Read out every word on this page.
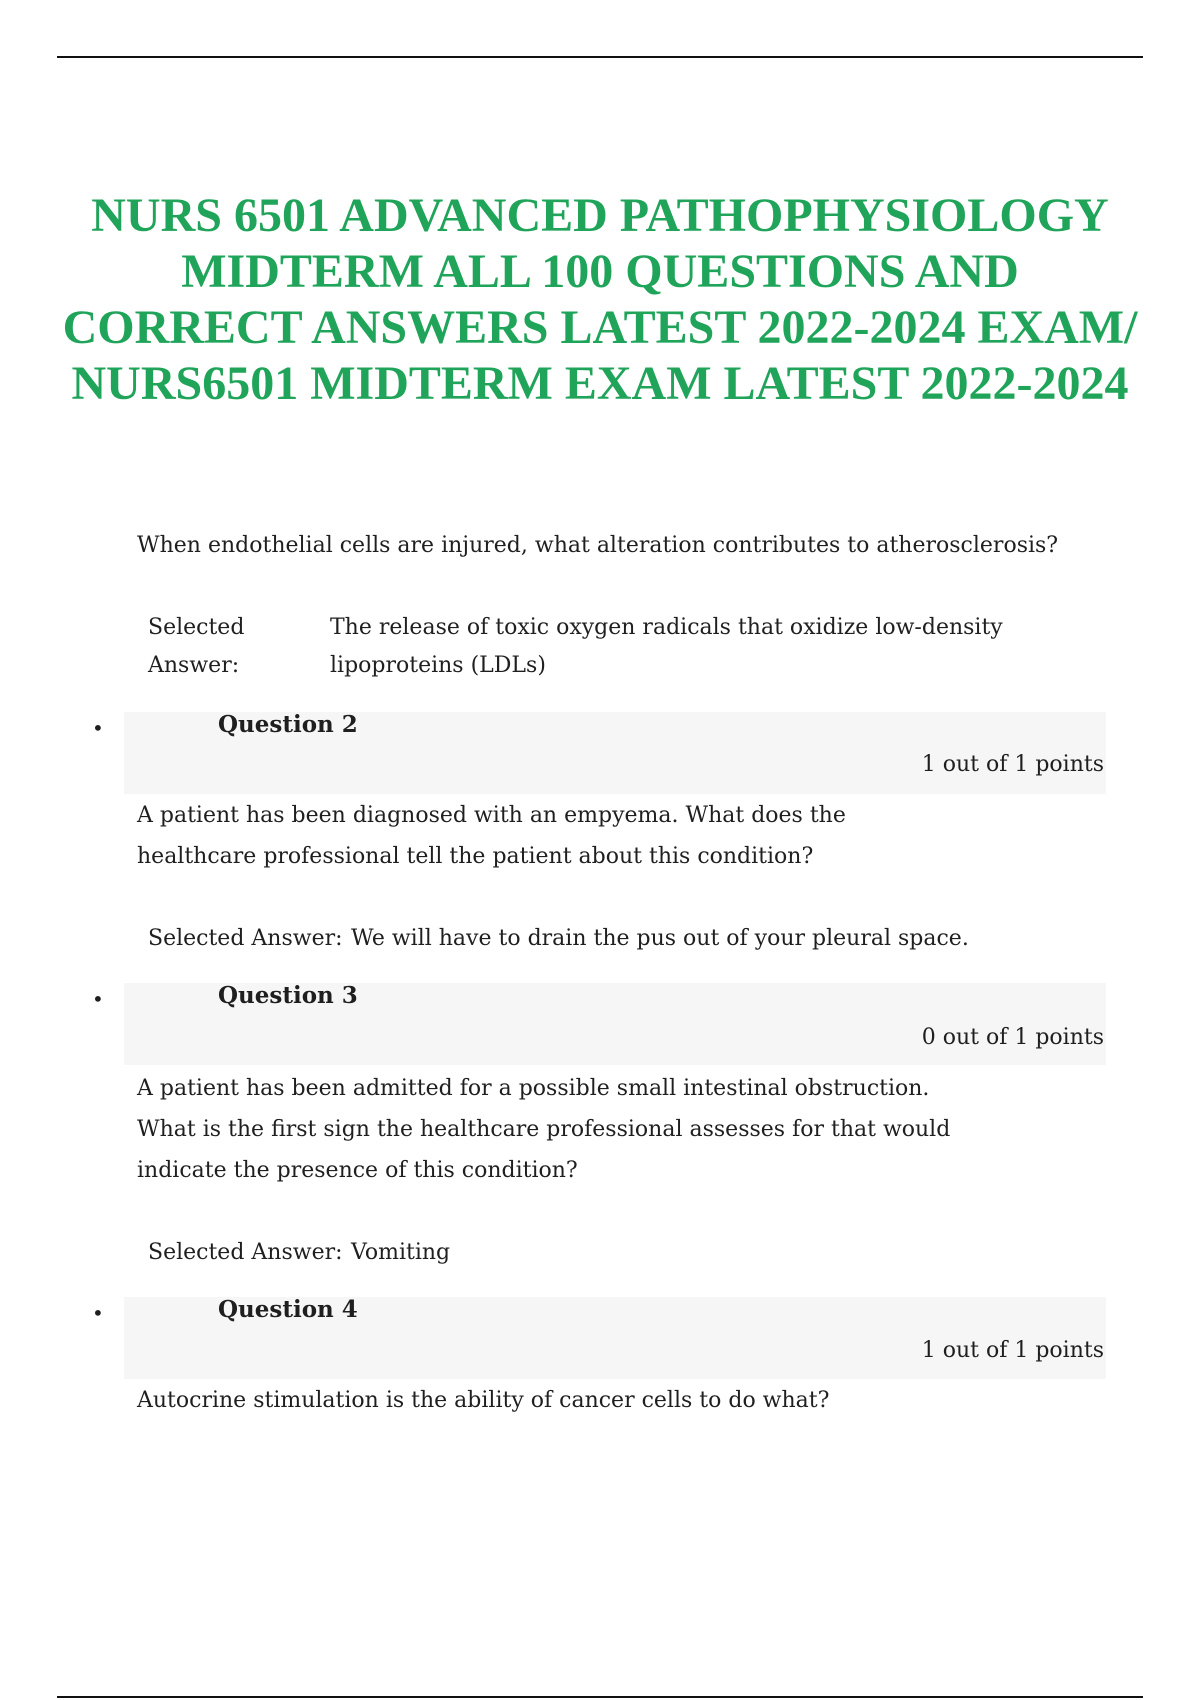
NURS 6501 ADVANCED PATHOPHYSIOLOGY MIDTERM ALL 100 QUESTIONS AND CORRECT ANSWERS LATEST 2022-2024 EXAM/ NURS6501 MIDTERM EXAM LATEST 2022-2024

When endothelial cells are injured, what alteration contributes to atherosclerosis?

Selected
Answer:
The release of toxic oxygen radicals that oxidize low-density
lipoproteins (LDLs)
•	Question 2
1 out of 1 points

A patient has been diagnosed with an empyema. What does the healthcare professional tell the patient about this condition?

Selected Answer: We will have to drain the pus out of your pleural space.
•	Question 3
0 out of 1 points

A patient has been admitted for a possible small intestinal obstruction. What is the first sign the healthcare professional assesses for that would indicate the presence of this condition?

Selected Answer: Vomiting
•	Question 4
1 out of 1 points

Autocrine stimulation is the ability of cancer cells to do what?
